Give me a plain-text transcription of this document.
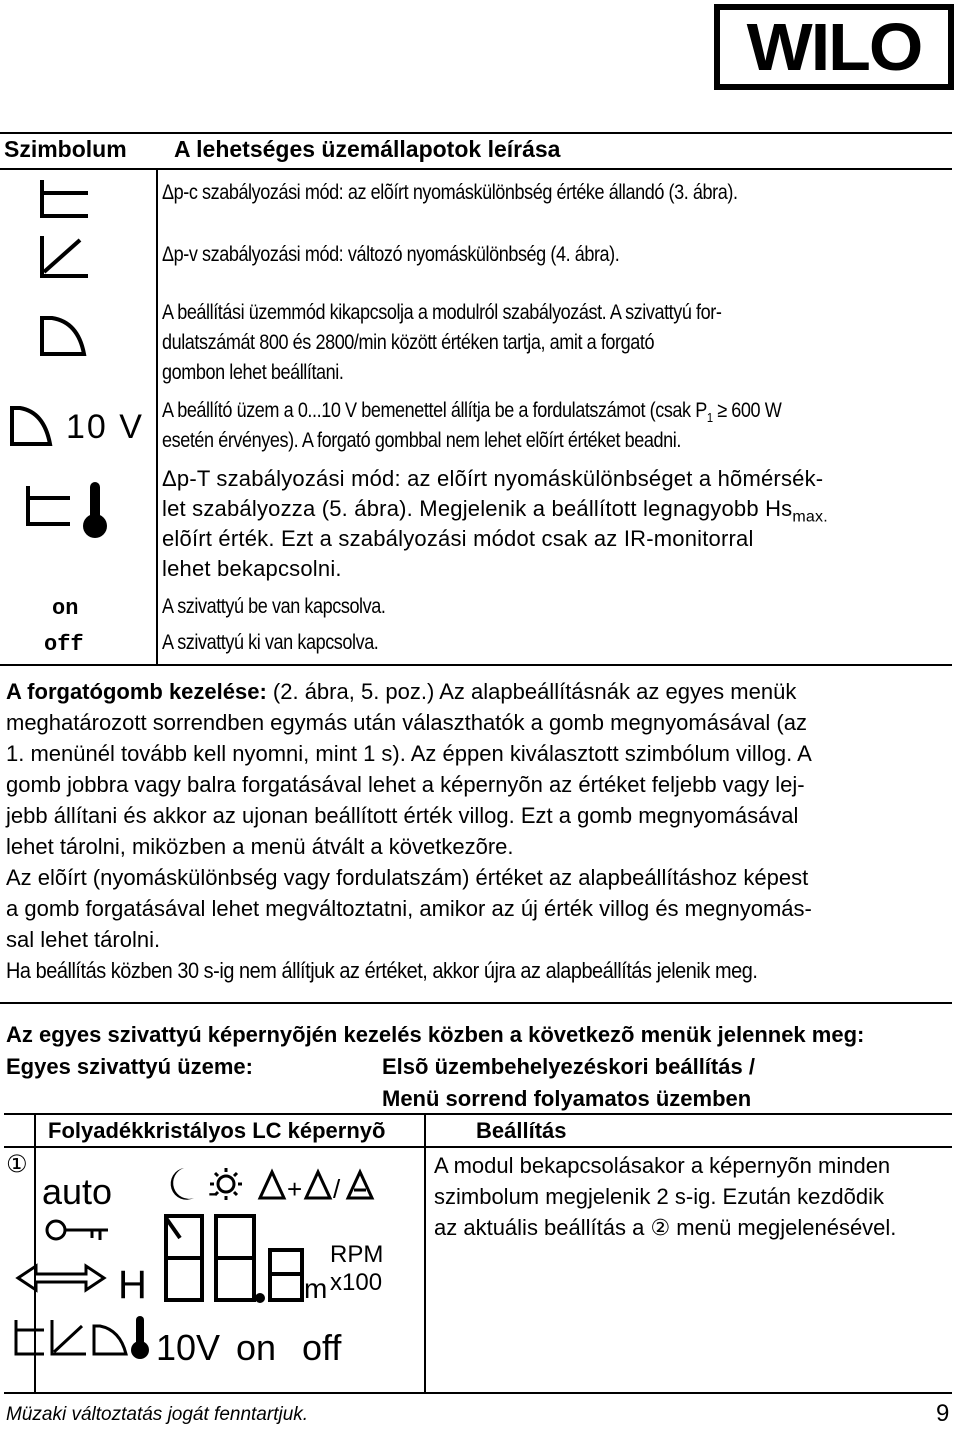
WILO
Szimbolum A lehetséges üzemállapotok leírása
Δp-c szabályozási mód: az elõírt nyomáskülönbség értéke állandó (3. ábra).
Δp-v szabályozási mód: változó nyomáskülönbség (4. ábra).
A beállítási üzemmód kikapcsolja a modulról szabályozást. A szivattyú for-
dulatszámát 800 és 2800/min között értéken tartja, amit a forgató
gombon lehet beállítani.
10 V A beállító üzem a 0...10 V bemenettel állítja be a fordulatszámot (csak $P_1 \ge 600$ W
esetén érvényes). A forgató gombbal nem lehet elõírt értéket beadni.
Δp-T szabályozási mód: az elõírt nyomáskülönbséget a hõmérsék-
let szabályozza (5. ábra). Megjelenik a beállított legnagyobb $Hs_{max.}$
elõírt érték. Ezt a szabályozási módot csak az IR-monitorral
lehet bekapcsolni.
on	A szivattyú be van kapcsolva.
off	A szivattyú ki van kapcsolva.
A forgatógomb kezelése: (2. ábra, 5. poz.) Az alapbeállításnák az egyes menük
meghatározott sorrendben egymás után választhatók a gomb megnyomásával (az
1. menünél tovább kell nyomni, mint 1 s). Az éppen kiválasztott szimbólum villog. A
gomb jobbra vagy balra forgatásával lehet a képernyõn az értéket feljebb vagy lej-
jebb állítani és akkor az ujonan beállított érték villog. Ezt a gomb megnyomásával
lehet tárolni, miközben a menü átvált a következõre.
Az elõírt (nyomáskülönbség vagy fordulatszám) értéket az alapbeállításhoz képest
a gomb forgatásával lehet megváltoztatni, amikor az új érték villog és megnyomás-
sal lehet tárolni.
Ha beállítás közben 30 s-ig nem állítjuk az értéket, akkor újra az alapbeállítás jelenik meg.
Az egyes szivattyú képernyõjén kezelés közben a következõ menük jelennek meg:
Egyes szivattyú üzeme:	Elsõ üzembehelyezéskori beállítás /
Menü sorrend folyamatos üzemben
Folyadékkristályos LC képernyõ	Beállítás
①	A modul bekapcsolásakor a képernyõn minden
szimbolum megjelenik 2 s-ig. Ezután kezdõdik
az aktuális beállítás a ② menü megjelenésével.
auto	‐	+ /
H	m
RPM
x100
10V on off
Müzaki változtatás jogát fenntartjuk.	9
